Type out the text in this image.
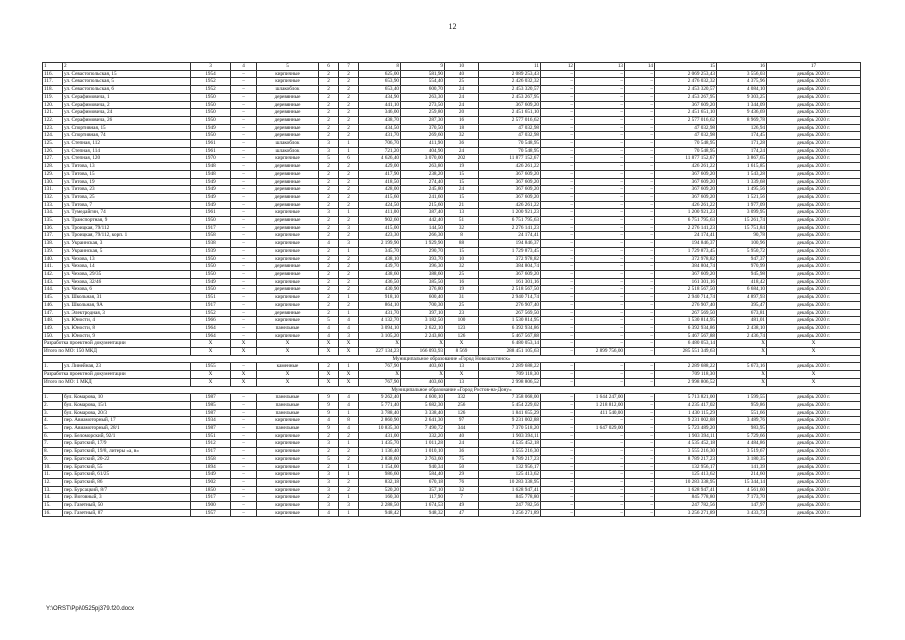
12
1	2	3	4	5	6	7	8	9	10	11	12	13	14	15	16	17
116.	ул. Севастопольская, 15	1954	–	кирпичные	2	2	625,00	581,90	40	2 089 253,43	–	–	–	2 069 253,43	3 556,03	декабрь 2020 г.
117.	ул. Севастопольская, 5	1952	–	кирпичные	2	2	653,90	554,40	25	2 426 032,32	–	–	–	2 476 032,32	4 375,96	декабрь 2020 г.
118.	ул. Севастопольская, 6	1952	–	шлакоблок	2	2	653,40	600,70	24	2 453 320,57	–	–	–	2 453 320,57	4 084,10	декабрь 2020 г.
119.	ул. Серафимовича, 1	1950	–	деревянные	2	2	434,90	263,30	24	2 453 267,95	–	–	–	2 453 267,95	9 303,25	декабрь 2020 г.
120.	ул. Серафимовича, 2	1950	–	деревянные	2	2	441,10	273,50	24	367 609,20	–	–	–	367 609,20	1 344,09	декабрь 2020 г.
121.	ул. Серафимовича, 24	1950	–	деревянные	2	2	346,00	259,80	20	2 451 651,10	–	–	–	2 451 651,10	9 436,69	декабрь 2020 г.
122.	ул. Серафимовича, 26	1950	–	деревянные	2	2	438,70	287,30	16	2 577 016,62	–	–	–	2 577 016,62	8 969,78	декабрь 2020 г.
123.	ул. Спортивная, 15	1949	–	деревянные	2	2	434,50	370,50	18	47 032,98	–	–	–	47 032,98	126,94	декабрь 2020 г.
124.	ул. Спортивная, 74	1950	–	деревянные	2	2	431,70	269,60	32	47 032,98	–	–	–	47 032,98	174,45	декабрь 2020 г.
125.	ул. Степная, 112	1961	–	шлакоблок	3	1	706,70	411,90	36	70 548,95	–	–	–	70 548,95	171,28	декабрь 2020 г.
126.	ул. Степная, 114	1961	–	шлакоблок	3	1	721,20	404,90	24	70 548,95	–	–	–	70 548,95	174,24	декабрь 2020 г.
127.	ул. Степная, 120	1970	–	кирпичные	5	6	4 626,40	3 070,00	202	11 877 152,67	–	–	–	11 877 152,67	3 867,65	декабрь 2020 г.
128.	ул. Титова, 13	1948	–	деревянные	2	2	429,00	263,80	19	426 261,22	–	–	–	426 261,22	1 615,85	декабрь 2020 г.
129.	ул. Титова, 15	1948	–	деревянные	2	2	417,90	238,20	15	367 609,20	–	–	–	367 609,20	1 543,28	декабрь 2020 г.
130.	ул. Титова, 19	1949	–	деревянные	2	2	418,50	274,40	15	367 609,20	–	–	–	367 609,20	1 339,68	декабрь 2020 г.
131.	ул. Титова, 23	1949	–	деревянные	2	2	428,00	245,80	24	367 609,20	–	–	–	367 609,20	1 495,56	декабрь 2020 г.
132.	ул. Титова, 25	1949	–	деревянные	2	2	415,60	241,60	15	367 609,20	–	–	–	367 609,20	1 521,56	декабрь 2020 г.
133.	ул. Титова, 7	1949	–	деревянные	2	2	424,50	215,60	21	426 261,22	–	–	–	426 261,22	1 977,09	декабрь 2020 г.
134.	ул. Тумедайгин, 74	1961	–	кирпичные	3	1	411,00	387,40	13	1 200 921,23	–	–	–	1 200 921,23	3 099,95	декабрь 2020 г.
135.	ул. Транспортная, 9	1950	–	деревянные	2	2	902,60	442,40	51	6 751 795,63	–	–	–	6 751 795,63	15 261,74	декабрь 2020 г.
136.	ул. Троицкая, 79/112	1917	–	деревянные	2	3	415,00	144,50	32	2 276 141,23	–	–	–	2 276 141,23	15 751,84	декабрь 2020 г.
137.	ул. Троицкая, 79/112, корп. 1	1958	–	кирпичные	2	2	423,30	266,30	8	24 174,41	–	–	–	24 174,41	90,78	декабрь 2020 г.
138.	ул. Украинская, 3	1938	–	кирпичные	4	3	2 199,90	1 929,90	88	194 846,37	–	–	–	194 846,37	100,96	декабрь 2020 г.
139.	ул. Украинская, 5	1939	–	кирпичные	2	1	345,70	290,70	15	1 729 873,45	–	–	–	1 729 873,45	5 950,72	декабрь 2020 г.
140.	ул. Чехова, 13	1950	–	кирпичные	2	2	438,10	393,70	10	372 978,82	–	–	–	372 978,82	947,37	декабрь 2020 г.
141.	ул. Чехова, 14	1950	–	деревянные	2	2	439,70	396,30	32	384 804,74	–	–	–	384 804,74	970,99	декабрь 2020 г.
142.	ул. Чехова, 29/35	1950	–	деревянные	2	2	438,60	388,60	25	367 609,20	–	–	–	367 609,20	945,98	декабрь 2020 г.
143.	ул. Чехова, 32/46	1949	–	кирпичные	2	2	436,50	385,50	16	161 301,16	–	–	–	161 301,16	418,42	декабрь 2020 г.
144.	ул. Чехова, 6	1950	–	деревянные	2	2	430,90	376,80	19	2 518 567,50	–	–	–	2 518 567,50	6 684,10	декабрь 2020 г.
145.	ул. Школьная, 31	1951	–	кирпичные	2	1	918,10	600,40	31	2 940 714,74	–	–	–	2 940 714,74	4 897,93	декабрь 2020 г.
146.	ул. Школьная, 9А	1917	–	кирпичные	2	2	864,10	700,30	25	276 907,40	–	–	–	276 907,40	395,47	декабрь 2020 г.
147.	ул. Электродная, 3	1952	–	деревянные	2	1	431,70	397,10	23	267 569,50	–	–	–	267 569,50	673,81	декабрь 2020 г.
148.	ул. Юности, 4	1966	–	кирпичные	5	4	4 132,70	3 182,50	100	1 530 814,95	–	–	–	1 530 814,95	481,01	декабрь 2020 г.
149.	ул. Юности, 8	1964	–	панельные	4	4	3 094,10	2 622,10	123	6 392 934,86	–	–	–	6 392 934,86	2 438,10	декабрь 2020 г.
150.	ул. Юности, 9	1964	–	кирпичные	4	3	3 105,20	2 243,80	126	5 467 567,88	–	–	–	5 467 567,88	2 436,74	декабрь 2020 г.
Разработка проектной документации		X	X	X	X	X	X	X	X	6 480 053,14	–	–	–	6 480 053,14	X	X
Итого по МО: 150 МКД		X	X	X	X	X	227 134,23	166 093,93	8 569	288 451 105,63	–	2 899 756,00	–	285 551 349,63	X	X
Муниципальное образование «Город Новошахтинск»																
1.	ул. Линейная, 23	1955	–	каменные	2	1	767,90	403,60	13	2 289 688,22	–	–	–	2 289 688,22	5 673,16	декабрь 2020 г.
Разработка проектной документации		X	X	X	X	X	X	X	X	709 118,30	–	–	–	709 118,30	X	X
Итого по МО: 1 МКД		X	X	X	X	X	767,90	403,60	13	2 998 806,52	–	–	–	2 998 806,52	X	X
Муниципальное образование «Город Ростов-на-Дону»																
1.	бул. Комарова, 10	1987	–	панельные	9	4	9 262,40	4 600,10	332	7 358 068,00	–	1 644 247,00	–	5 713 821,00	1 599,55	декабрь 2020 г.
2.	бул. Комарова, 15/1	1985	–	панельные	9	4	5 771,40	5 682,30	256	5 454 229,02	–	1 218 812,00	–	4 235 417,02	959,86	декабрь 2020 г.
3.	бул. Комарова, 20/3	1987	–	панельные	9	1	3 788,40	3 338,40	126	1 841 655,29	–	411 540,00	–	1 430 115,29	551,66	декабрь 2020 г.
4.	пер. Авиамоторный, 17	1934	–	кирпичные	4	8	2 860,90	2 641,30	97	9 231 002,88	–	–	–	9 231 002,88	3 489,76	декабрь 2020 г.
5.	пер. Авиамоторный, 28/1	1987	–	панельные	9	4	10 835,30	7 490,72	344	7 370 518,20	–	1 647 029,00	–	5 723 489,20	983,95	декабрь 2020 г.
6.	пер. Беломорский, 92/1	1951	–	кирпичные	2	2	431,00	332,20	40	1 903 394,11	–	–	–	1 903 394,11	5 729,66	декабрь 2020 г.
7.	пер. Братский, 17/9	1912	–	кирпичные	3	1	1 435,70	1 011,28	24	4 535 452,18	–	–	–	4 535 452,18	4 484,86	декабрь 2020 г.
8.	пер. Братский, 19/8, литеры «а, в»	1917	–	кирпичные	2	2	1 136,40	1 010,10	36	3 555 216,30	–	–	–	3 555 216,30	3 519,67	декабрь 2020 г.
9.	пер. Братский, 20-22	1958	–	кирпичные	5	2	2 838,60	2 763,60	75	8 789 217,23	–	–	–	8 789 217,23	3 180,35	декабрь 2020 г.
10.	пер. Братский, 55	1894	–	кирпичные	2	1	1 154,00	940,34	50	132 956,17	–	–	–	132 956,17	141,39	декабрь 2020 г.
11.	пер. Братский, 61/25	1949	–	кирпичные	3	1	986,60	584,40	29	125 413,62	–	–	–	125 413,62	214,60	декабрь 2020 г.
12.	пер. Братский, 86	1902	–	кирпичные	3	2	832,18	670,18	76	10 283 338,95	–	–	–	10 283 338,95	15 344,14	декабрь 2020 г.
13.	пер. Бурсацкий, 8/7	1850	–	кирпичные	3	2	520,20	357,10	32	1 628 947,41	–	–	–	1 628 947,41	4 561,60	декабрь 2020 г.
14.	пер. Воговный, 3	1917	–	кирпичные	2	1	160,30	117,90	7	845 778,80	–	–	–	845 778,80	7 173,70	декабрь 2020 г.
15.	пер. Газетный, 50	1900	–	кирпичные	3	3	2 288,50	1 674,53	49	247 782,56	–	–	–	247 782,56	147,97	декабрь 2020 г.
16.	пер. Газетный, 87	1957	–	кирпичные	4	1	948,42	948,32	47	3 256 271,89	–	–	–	3 256 271,89	3 433,73	декабрь 2020 г.
Y:\ORST\Ppi\0525pj379.f20.docx
